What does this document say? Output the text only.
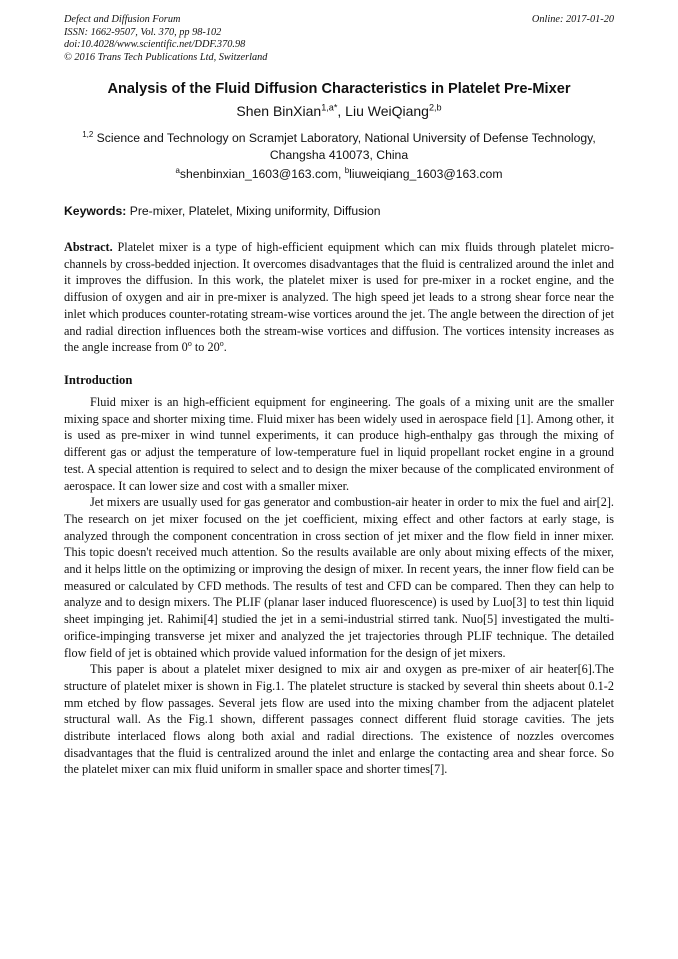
Defect and Diffusion Forum
ISSN: 1662-9507, Vol. 370, pp 98-102
doi:10.4028/www.scientific.net/DDF.370.98
© 2016 Trans Tech Publications Ltd, Switzerland
Online: 2017-01-20
Analysis of the Fluid Diffusion Characteristics in Platelet Pre-Mixer
Shen BinXian$^{1,a*}$, Liu WeiQiang$^{2,b}$
$^{1,2}$ Science and Technology on Scramjet Laboratory, National University of Defense Technology, Changsha 410073, China
$^a$shenbinxian_1603@163.com, $^b$liuweiqiang_1603@163.com
Keywords: Pre-mixer, Platelet, Mixing uniformity, Diffusion
Abstract. Platelet mixer is a type of high-efficient equipment which can mix fluids through platelet micro-channels by cross-bedded injection. It overcomes disadvantages that the fluid is centralized around the inlet and it improves the diffusion. In this work, the platelet mixer is used for pre-mixer in a rocket engine, and the diffusion of oxygen and air in pre-mixer is analyzed. The high speed jet leads to a strong shear force near the inlet which produces counter-rotating stream-wise vortices around the jet. The angle between the direction of jet and radial direction influences both the stream-wise vortices and diffusion. The vortices intensity increases as the angle increase from 0$^o$ to 20$^o$.
Introduction

Fluid mixer is an high-efficient equipment for engineering. The goals of a mixing unit are the smaller mixing space and shorter mixing time. Fluid mixer has been widely used in aerospace field [1]. Among other, it is used as pre-mixer in wind tunnel experiments, it can produce high-enthalpy gas through the mixing of different gas or adjust the temperature of low-temperature fuel in liquid propellant rocket engine in a ground test. A special attention is required to select and to design the mixer because of the complicated environment of aerospace. It can lower size and cost with a smaller mixer.

Jet mixers are usually used for gas generator and combustion-air heater in order to mix the fuel and air[2]. The research on jet mixer focused on the jet coefficient, mixing effect and other factors at early stage, is analyzed through the component concentration in cross section of jet mixer and the flow field in inner mixer. This topic doesn't received much attention. So the results available are only about mixing effects of the mixer, and it helps little on the optimizing or improving the design of mixer. In recent years, the inner flow field can be measured or calculated by CFD methods. The results of test and CFD can be compared. Then they can help to analyze and to design mixers. The PLIF (planar laser induced fluorescence) is used by Luo[3] to test thin liquid sheet impinging jet. Rahimi[4] studied the jet in a semi-industrial stirred tank. Nuo[5] investigated the multi-orifice-impinging transverse jet mixer and analyzed the jet trajectories through PLIF technique. The detailed flow field of jet is obtained which provide valued information for the design of jet mixers.

This paper is about a platelet mixer designed to mix air and oxygen as pre-mixer of air heater[6].The structure of platelet mixer is shown in Fig.1. The platelet structure is stacked by several thin sheets about 0.1-2 mm etched by flow passages. Several jets flow are used into the mixing chamber from the adjacent platelet structural wall. As the Fig.1 shown, different passages connect different fluid storage cavities. The jets distribute interlaced flows along both axial and radial directions. The existence of nozzles overcomes disadvantages that the fluid is centralized around the inlet and enlarge the contacting area and shear force. So the platelet mixer can mix fluid uniform in smaller space and shorter times[7].
